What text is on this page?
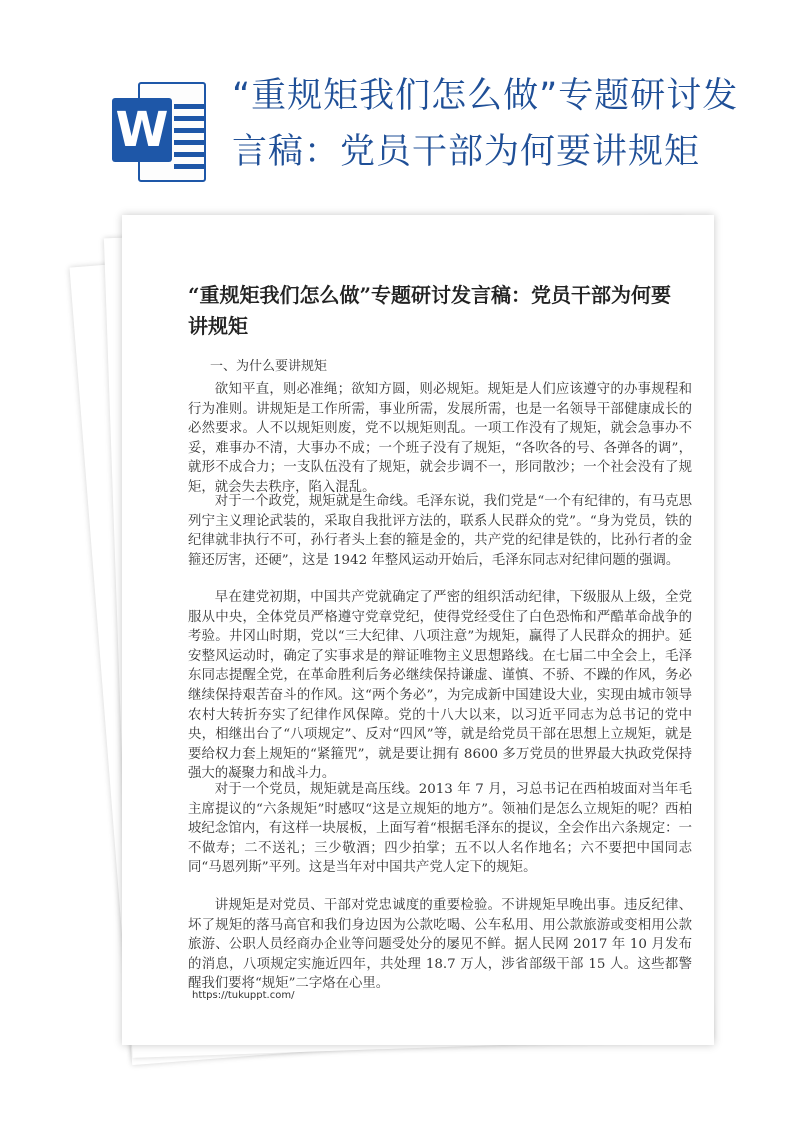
W
“重规矩我们怎么做”专题研讨发言稿：党员干部为何要讲规矩
“重规矩我们怎么做”专题研讨发言稿：党员干部为何要讲规矩
一、为什么要讲规矩

欲知平直，则必准绳；欲知方圆，则必规矩。规矩是人们应该遵守的办事规程和行为准则。讲规矩是工作所需，事业所需，发展所需，也是一名领导干部健康成长的必然要求。人不以规矩则废，党不以规矩则乱。一项工作没有了规矩，就会急事办不妥，难事办不清，大事办不成；一个班子没有了规矩，“各吹各的号、各弹各的调”，就形不成合力；一支队伍没有了规矩，就会步调不一，形同散沙；一个社会没有了规矩，就会失去秩序，陷入混乱。

对于一个政党，规矩就是生命线。毛泽东说，我们党是“一个有纪律的，有马克思列宁主义理论武装的，采取自我批评方法的，联系人民群众的党”。“身为党员，铁的纪律就非执行不可，孙行者头上套的箍是金的，共产党的纪律是铁的，比孙行者的金箍还厉害，还硬”，这是 1942 年整风运动开始后，毛泽东同志对纪律问题的强调。

早在建党初期，中国共产党就确定了严密的组织活动纪律，下级服从上级，全党服从中央，全体党员严格遵守党章党纪，使得党经受住了白色恐怖和严酷革命战争的考验。井冈山时期，党以“三大纪律、八项注意”为规矩，赢得了人民群众的拥护。延安整风运动时，确定了实事求是的辩证唯物主义思想路线。在七届二中全会上，毛泽东同志提醒全党，在革命胜利后务必继续保持谦虚、谨慎、不骄、不躁的作风，务必继续保持艰苦奋斗的作风。这“两个务必”，为完成新中国建设大业，实现由城市领导农村大转折夯实了纪律作风保障。党的十八大以来，以习近平同志为总书记的党中央，相继出台了“八项规定”、反对“四风”等，就是给党员干部在思想上立规矩，就是要给权力套上规矩的“紧箍咒”，就是要让拥有 8600 多万党员的世界最大执政党保持强大的凝聚力和战斗力。

对于一个党员，规矩就是高压线。2013 年 7 月，习总书记在西柏坡面对当年毛主席提议的“六条规矩”时感叹“这是立规矩的地方”。领袖们是怎么立规矩的呢？西柏坡纪念馆内，有这样一块展板，上面写着“根据毛泽东的提议，全会作出六条规定：一不做寿；二不送礼；三少敬酒；四少拍掌；五不以人名作地名；六不要把中国同志同“马恩列斯”平列。这是当年对中国共产党人定下的规矩。

讲规矩是对党员、干部对党忠诚度的重要检验。不讲规矩早晚出事。违反纪律、坏了规矩的落马高官和我们身边因为公款吃喝、公车私用、用公款旅游或变相用公款旅游、公职人员经商办企业等问题受处分的屡见不鲜。据人民网 2017 年 10 月发布的消息，八项规定实施近四年，共处理 18.7 万人，涉省部级干部 15 人。这些都警醒我们要将“规矩”二字烙在心里。

https://tukuppt.com/
